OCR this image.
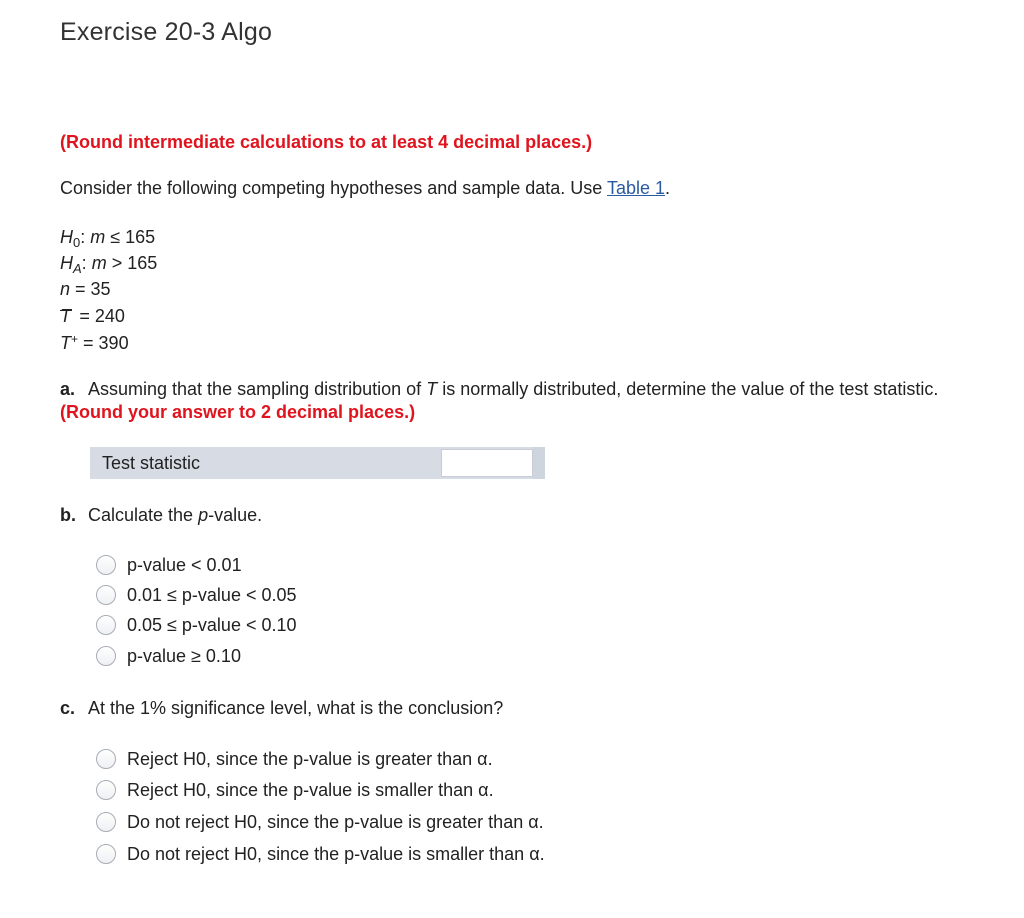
Exercise 20-3 Algo
(Round intermediate calculations to at least 4 decimal places.)
Consider the following competing hypotheses and sample data. Use Table 1.
$H_0$: m ≤ 165
$H_A$: m > 165
n = 35
T = 240
T+ = 390
a. Assuming that the sampling distribution of T is normally distributed, determine the value of the test statistic. (Round your answer to 2 decimal places.)
Test statistic
b. Calculate the p-value.
p-value < 0.01
0.01 ≤ p-value < 0.05
0.05 ≤ p-value < 0.10
p-value ≥ 0.10
c. At the 1% significance level, what is the conclusion?
Reject H0, since the p-value is greater than α.
Reject H0, since the p-value is smaller than α.
Do not reject H0, since the p-value is greater than α.
Do not reject H0, since the p-value is smaller than α.
